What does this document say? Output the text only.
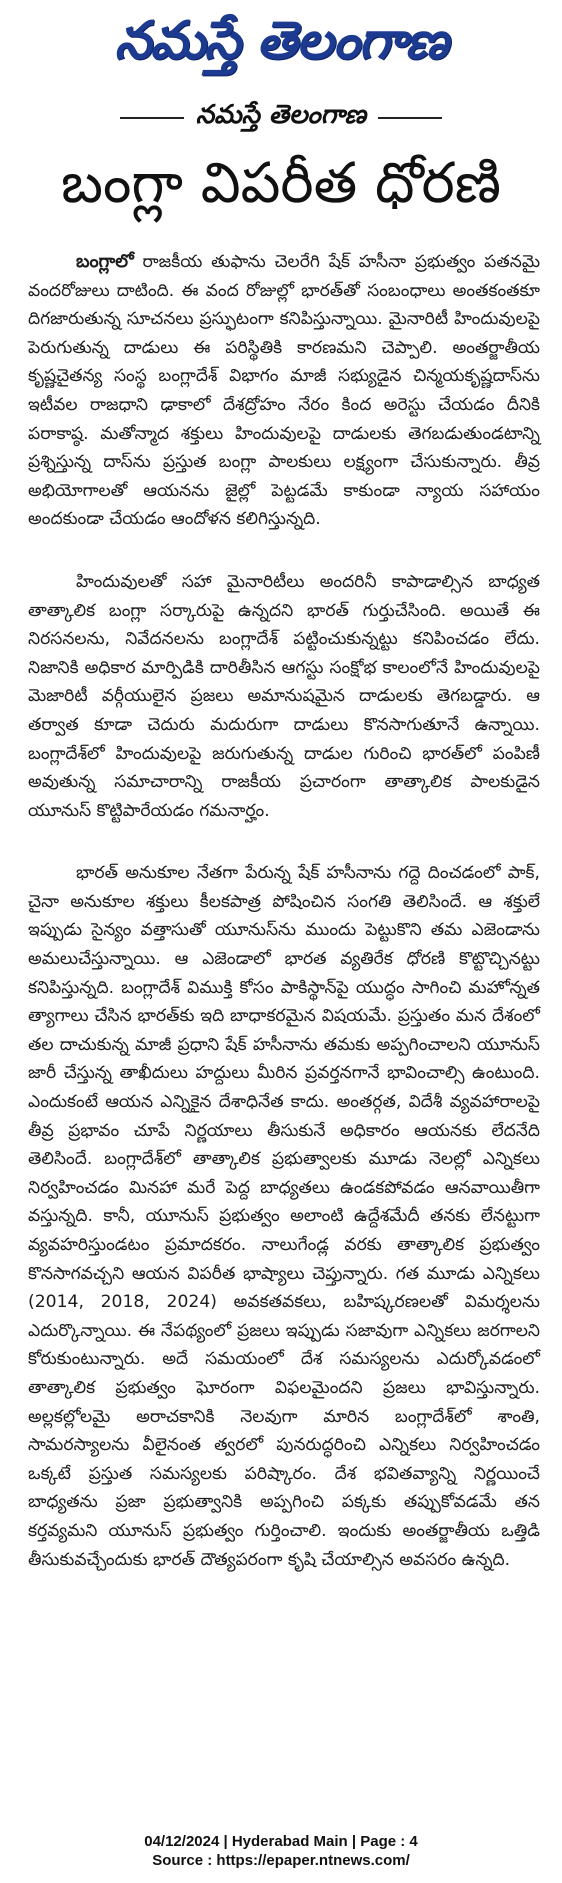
నమస్తే తెలంగాణ
నమస్తే తెలంగాణ
బంగ్లా విపరీత ధోరణి

బంగ్లాలో రాజకీయ తుఫాను చెలరేగి షేక్ హసీనా ప్రభుత్వం పతనమై వందరోజులు దాటింది. ఈ వంద రోజుల్లో భారత్‌తో సంబంధాలు అంతకంతకూ దిగజారుతున్న సూచనలు ప్రస్ఫుటంగా కనిపిస్తున్నాయి. మైనారిటీ హిందువులపై పెరుగుతున్న దాడులు ఈ పరిస్థితికి కారణమని చెప్పాలి. అంతర్జాతీయ కృష్ణచైతన్య సంస్థ బంగ్లాదేశ్ విభాగం మాజీ సభ్యుడైన చిన్మయకృష్ణదాస్‌ను ఇటీవల రాజధాని ఢాకాలో దేశద్రోహం నేరం కింద అరెస్టు చేయడం దీనికి పరాకాష్ఠ. మతోన్మాద శక్తులు హిందువులపై దాడులకు తెగబడుతుండటాన్ని ప్రశ్నిస్తున్న దాస్‌ను ప్రస్తుత బంగ్లా పాలకులు లక్ష్యంగా చేసుకున్నారు. తీవ్ర అభియోగాలతో ఆయనను జైల్లో పెట్టడమే కాకుండా న్యాయ సహాయం అందకుండా చేయడం ఆందోళన కలిగిస్తున్నది.

హిందువులతో సహా మైనారిటీలు అందరినీ కాపాడాల్సిన బాధ్యత తాత్కాలిక బంగ్లా సర్కారుపై ఉన్నదని భారత్ గుర్తుచేసింది. అయితే ఈ నిరసనలను, నివేదనలను బంగ్లాదేశ్ పట్టించుకున్నట్టు కనిపించడం లేదు. నిజానికి అధికార మార్పిడికి దారితీసిన ఆగస్టు సంక్షోభ కాలంలోనే హిందువులపై మెజారిటీ వర్గీయులైన ప్రజలు అమానుషమైన దాడులకు తెగబడ్డారు. ఆ తర్వాత కూడా చెదురు మదురుగా దాడులు కొనసాగుతూనే ఉన్నాయి. బంగ్లాదేశ్‌లో హిందువులపై జరుగుతున్న దాడుల గురించి భారత్‌లో పంపిణీ అవుతున్న సమాచారాన్ని రాజకీయ ప్రచారంగా తాత్కాలిక పాలకుడైన యూనుస్ కొట్టిపారేయడం గమనార్హం.

భారత్ అనుకూల నేతగా పేరున్న షేక్ హసీనాను గద్దె దించడంలో పాక్, చైనా అనుకూల శక్తులు కీలకపాత్ర పోషించిన సంగతి తెలిసిందే. ఆ శక్తులే ఇప్పుడు సైన్యం వత్తాసుతో యూనుస్‌ను ముందు పెట్టుకొని తమ ఎజెండాను అమలుచేస్తున్నాయి. ఆ ఎజెండాలో భారత వ్యతిరేక ధోరణి కొట్టొచ్చినట్టు కనిపిస్తున్నది. బంగ్లాదేశ్ విముక్తి కోసం పాకిస్థాన్‌పై యుద్ధం సాగించి మహోన్నత త్యాగాలు చేసిన భారత్‌కు ఇది బాధాకరమైన విషయమే. ప్రస్తుతం మన దేశంలో తల దాచుకున్న మాజీ ప్రధాని షేక్ హసీనాను తమకు అప్పగించాలని యూనుస్ జారీ చేస్తున్న తాఖీదులు హద్దులు మీరిన ప్రవర్తనగానే భావించాల్సి ఉంటుంది. ఎందుకంటే ఆయన ఎన్నికైన దేశాధినేత కాదు. అంతర్గత, విదేశీ వ్యవహారాలపై తీవ్ర ప్రభావం చూపే నిర్ణయాలు తీసుకునే అధికారం ఆయనకు లేదనేది తెలిసిందే. బంగ్లాదేశ్‌లో తాత్కాలిక ప్రభుత్వాలకు మూడు నెలల్లో ఎన్నికలు నిర్వహించడం మినహా మరే పెద్ద బాధ్యతలు ఉండకపోవడం ఆనవాయితీగా వస్తున్నది. కానీ, యూనుస్ ప్రభుత్వం అలాంటి ఉద్దేశమేదీ తనకు లేనట్టుగా వ్యవహరిస్తుండటం ప్రమాదకరం. నాలుగేండ్ల వరకు తాత్కాలిక ప్రభుత్వం కొనసాగవచ్చని ఆయన విపరీత భాష్యాలు చెప్తున్నారు. గత మూడు ఎన్నికలు (2014, 2018, 2024) అవకతవకలు, బహిష్కరణలతో విమర్శలను ఎదుర్కొన్నాయి. ఈ నేపథ్యంలో ప్రజలు ఇప్పుడు సజావుగా ఎన్నికలు జరగాలని కోరుకుంటున్నారు. అదే సమయంలో దేశ సమస్యలను ఎదుర్కోవడంలో తాత్కాలిక ప్రభుత్వం ఘోరంగా విఫలమైందని ప్రజలు భావిస్తున్నారు. అల్లకల్లోలమై అరాచకానికి నెలవుగా మారిన బంగ్లాదేశ్‌లో శాంతి, సామరస్యాలను వీలైనంత త్వరలో పునరుద్ధరించి ఎన్నికలు నిర్వహించడం ఒక్కటే ప్రస్తుత సమస్యలకు పరిష్కారం. దేశ భవితవ్యాన్ని నిర్ణయించే బాధ్యతను ప్రజా ప్రభుత్వానికి అప్పగించి పక్కకు తప్పుకోవడమే తన కర్తవ్యమని యూనుస్ ప్రభుత్వం గుర్తించాలి. ఇందుకు అంతర్జాతీయ ఒత్తిడి తీసుకువచ్చేందుకు భారత్ దౌత్యపరంగా కృషి చేయాల్సిన అవసరం ఉన్నది.

04/12/2024 | Hyderabad Main | Page : 4
Source : https://epaper.ntnews.com/
